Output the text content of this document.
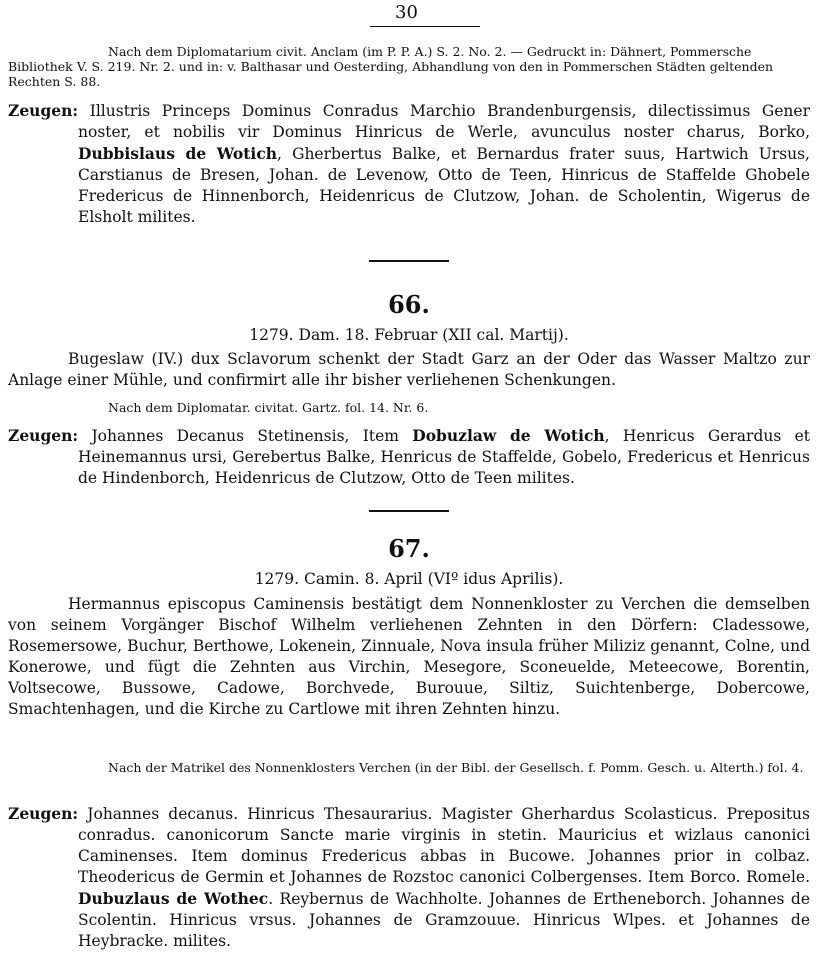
30
Nach dem Diplomatarium civit. Anclam (im P. P. A.) S. 2. No. 2. — Gedruckt in: Dähnert, Pommersche Bibliothek V. S. 219. Nr. 2. und in: v. Balthasar und Oesterding, Abhandlung von den in Pommerschen Städten geltenden Rechten S. 88.
Zeugen: Illustris Princeps Dominus Conradus Marchio Brandenburgensis, dilectissimus Gener noster, et nobilis vir Dominus Hinricus de Werle, avunculus noster charus, Borko, Dubbislaus de Wotich, Gherbertus Balke, et Bernardus frater suus, Hartwich Ursus, Carstianus de Bresen, Johan. de Levenow, Otto de Teen, Hinricus de Staffelde Ghobele Fredericus de Hinnenborch, Heidenricus de Clutzow, Johan. de Scholentin, Wigerus de Elsholt milites.
66.
1279. Dam. 18. Februar (XII cal. Martij).
Bugeslaw (IV.) dux Sclavorum schenkt der Stadt Garz an der Oder das Wasser Maltzo zur Anlage einer Mühle, und confirmirt alle ihr bisher verliehenen Schenkungen.
Nach dem Diplomatar. civitat. Gartz. fol. 14. Nr. 6.
Zeugen: Johannes Decanus Stetinensis, Item Dobuzlaw de Wotich, Henricus Gerardus et Heinemannus ursi, Gerebertus Balke, Henricus de Staffelde, Gobelo, Fredericus et Henricus de Hindenborch, Heidenricus de Clutzow, Otto de Teen milites.
67.
1279. Camin. 8. April (VIº idus Aprilis).
Hermannus episcopus Caminensis bestätigt dem Nonnenkloster zu Verchen die demselben von seinem Vorgänger Bischof Wilhelm verliehenen Zehnten in den Dörfern: Cladessowe, Rosemersowe, Buchur, Berthowe, Lokenein, Zinnuale, Nova insula früher Miliziz genannt, Colne, und Konerowe, und fügt die Zehnten aus Virchin, Mesegore, Sconeuelde, Meteecowe, Borentin, Voltsecowe, Bussowe, Cadowe, Borchvede, Burouue, Siltiz, Suichtenberge, Dobercowe, Smachtenhagen, und die Kirche zu Cartlowe mit ihren Zehnten hinzu.
Nach der Matrikel des Nonnenklosters Verchen (in der Bibl. der Gesellsch. f. Pomm. Gesch. u. Alterth.) fol. 4.
Zeugen: Johannes decanus. Hinricus Thesaurarius. Magister Gherhardus Scolasticus. Prepositus conradus. canonicorum Sancte marie virginis in stetin. Mauricius et wizlaus canonici Caminenses. Item dominus Fredericus abbas in Bucowe. Johannes prior in colbaz. Theodericus de Germin et Johannes de Rozstoc canonici Colbergenses. Item Borco. Romele. Dubuzlaus de Wothec. Reybernus de Wachholte. Johannes de Ertheneborch. Johannes de Scolentin. Hinricus vrsus. Johannes de Gramzouue. Hinricus Wlpes. et Johannes de Heybracke. milites.
